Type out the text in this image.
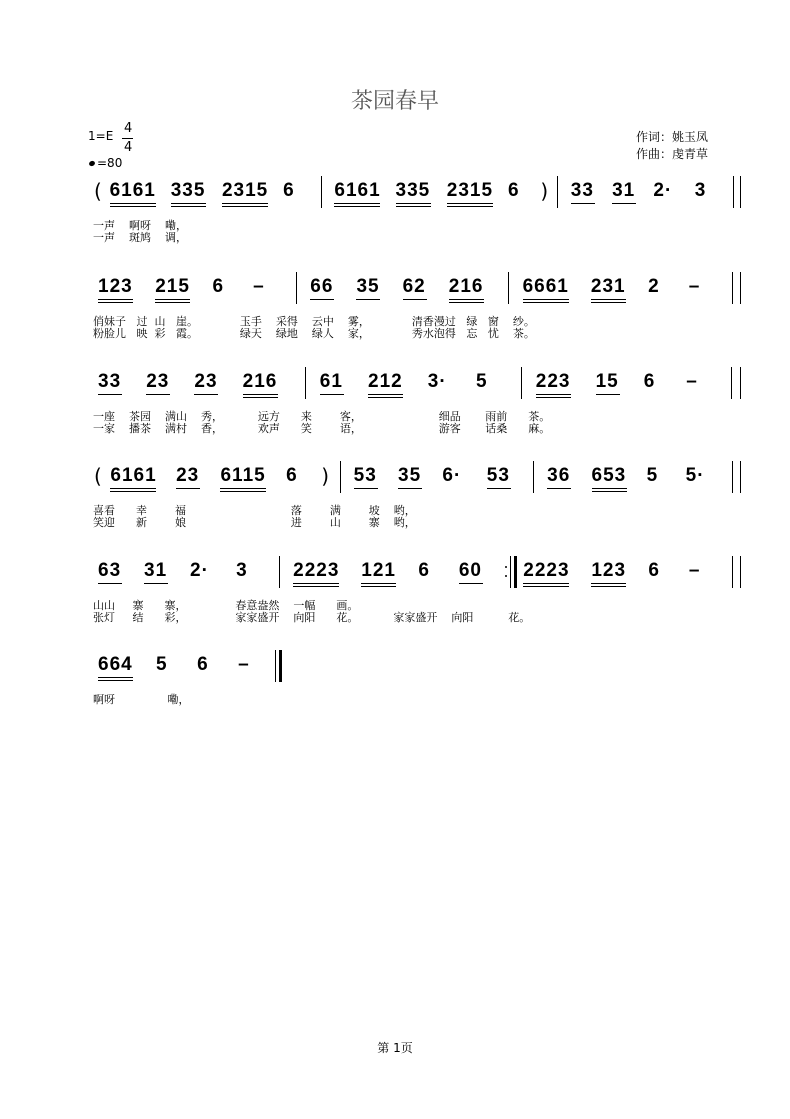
茶园春早
1=E 4
4
=80
作词：姚玉凤
作曲：虔青草
( 6161 335 2315 6 6161 335 2315 6 ) 33 31 2· 3
一声    啊呀    嘞，
一声    斑鸠    调，
123 215 6 – 66 35 62 216 6661 231 2 –
俏妹子   过  山   崖。            玉手    采得    云中    雾，            清香漫过   绿   窗    纱。
粉脸儿   映  彩   霞。            绿天    绿地    绿人    家，            秀水泡得   忘   忧    茶。
33 23 23 216 61 212 3· 5	223 15 6 –
一座    茶园    满山    秀，          远方      来        客，                      细品       雨前      茶。
一家    播茶    满村    香，          欢声      笑        语，                      游客       话桑      麻。
( 6161 23 6115 6 ) 53 35 6· 53 36 653 5 5·
喜看      幸        福                              落        满        坡    哟，
笑迎      新        娘                              进        山        寨    哟，
63 31 2· 3 2223 121 6 60 2223 123 6 –
山山     寨      寨，              春意盎然    一幅      画。
张灯     结      彩，              家家盛开    向阳      花。          家家盛开    向阳          花。
664 5 6 –
啊呀               嘞，
第 1页
